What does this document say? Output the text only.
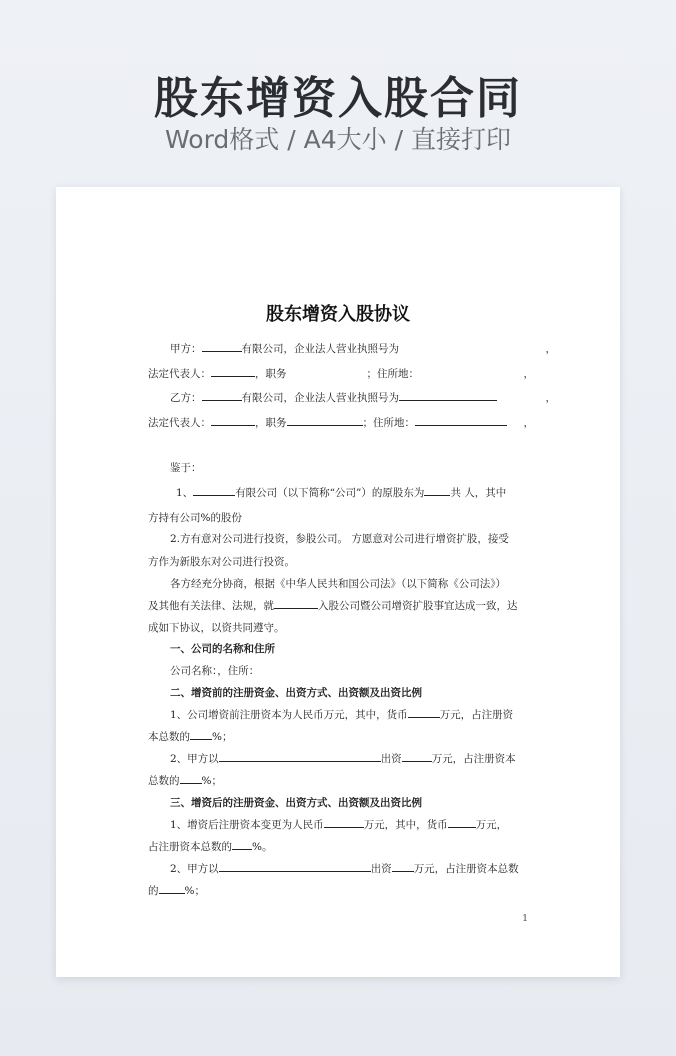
股东增资入股合同
Word格式 / A4大小 / 直接打印
股东增资入股协议
甲方：	有限公司，企业法人营业执照号为	，
法定代表人：	，职务	；住所地：	，
乙方：	有限公司，企业法人营业执照号为	，
法定代表人：	，职务	；住所地：	，
鉴于：
1、	有限公司（以下简称“公司”）的原股东为 共 人，其中
方持有公司%的股份
2.方有意对公司进行投资，参股公司。 方愿意对公司进行增资扩股，接受
方作为新股东对公司进行投资。
各方经充分协商，根据《中华人民共和国公司法》（以下简称《公司法》）
及其他有关法律、法规，就	入股公司暨公司增资扩股事宜达成一致，达
成如下协议，以资共同遵守。
一、公司的名称和住所
公司名称：，住所：
二、增资前的注册资金、出资方式、出资额及出资比例
1、公司增资前注册资本为人民币万元，其中，货币	万元，占注册资
本总数的 %；
2、甲方以	出资	万元，占注册资本
总数的 %；
三、增资后的注册资金、出资方式、出资额及出资比例
1、增资后注册资本变更为人民币	万元，其中，货币	万元，
占注册资本总数的 %。
2、甲方以	出资 万元，占注册资本总数
的 %；
1
